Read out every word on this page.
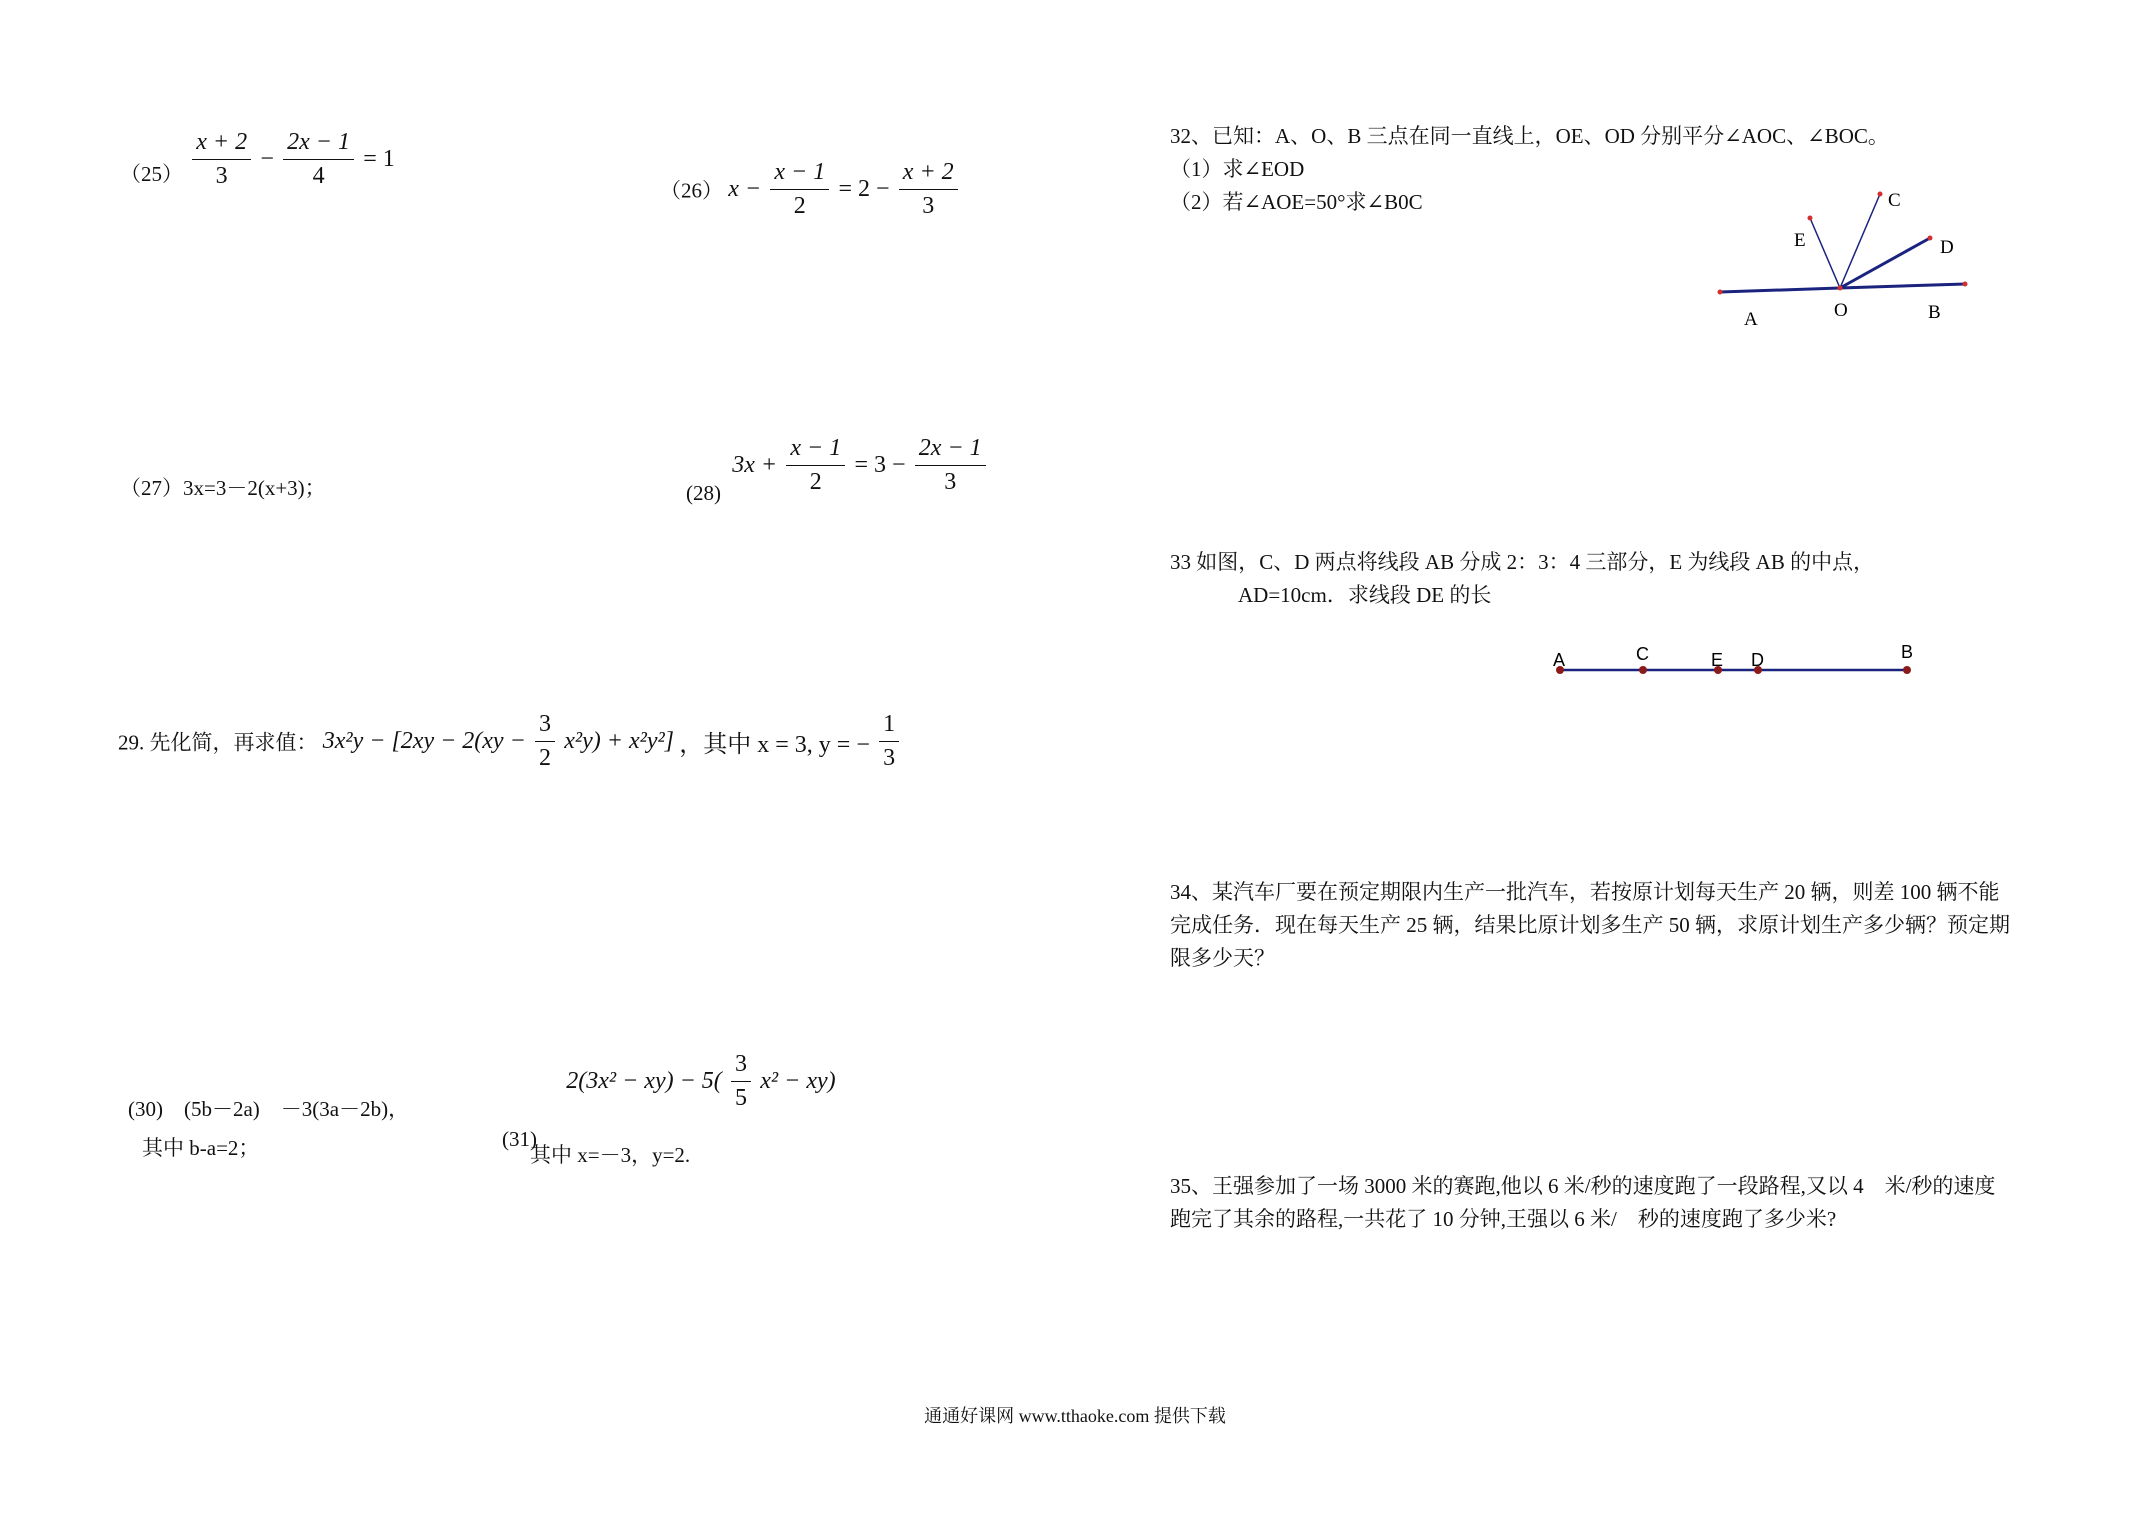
$(25) \frac{x + 2}{3} - \frac{2x - 1}{4} = 1$
（26） $x - \frac{x - 1}{2} = 2 - \frac{x + 2}{3}$
（27）3x=3－2(x+3)；	(28) $3x + \frac{x - 1}{2} = 3 - \frac{2x - 1}{3}$
29. 先化简，再求值： $3x^2y - [2xy - 2(xy - \frac{3}{2} x^2y) + x^2y^2]$ ，其中 x = 3, y = − $\frac{1}{3}$
(30)　(5b－2a)　－3(3a－2b)，
其中 b-a=2；	(31) $2(3x^2 - xy) - 5( \frac{3}{5} x^2 - xy)$
其中 x=－3，y=2.
32、已知：A、O、B 三点在同一直线上，OE、OD 分别平分∠AOC、∠BOC。
（1）求∠EOD
（2）若∠AOE=50°求∠B0C
A	O	B
E
C
D
33 如图，C、D 两点将线段 AB 分成 2：3：4 三部分，E 为线段 AB 的中点，
AD=10cm．求线段 DE 的长
A	C	E D	B
34、某汽车厂要在预定期限内生产一批汽车，若按原计划每天生产 20 辆，则差 100 辆不能
完成任务．现在每天生产 25 辆，结果比原计划多生产 50 辆，求原计划生产多少辆？预定期
限多少天？
35、王强参加了一场 3000 米的赛跑,他以 6 米/秒的速度跑了一段路程,又以 4　米/秒的速度
跑完了其余的路程,一共花了 10 分钟,王强以 6 米/　秒的速度跑了多少米?
通通好课网 www.tthaoke.com 提供下载
